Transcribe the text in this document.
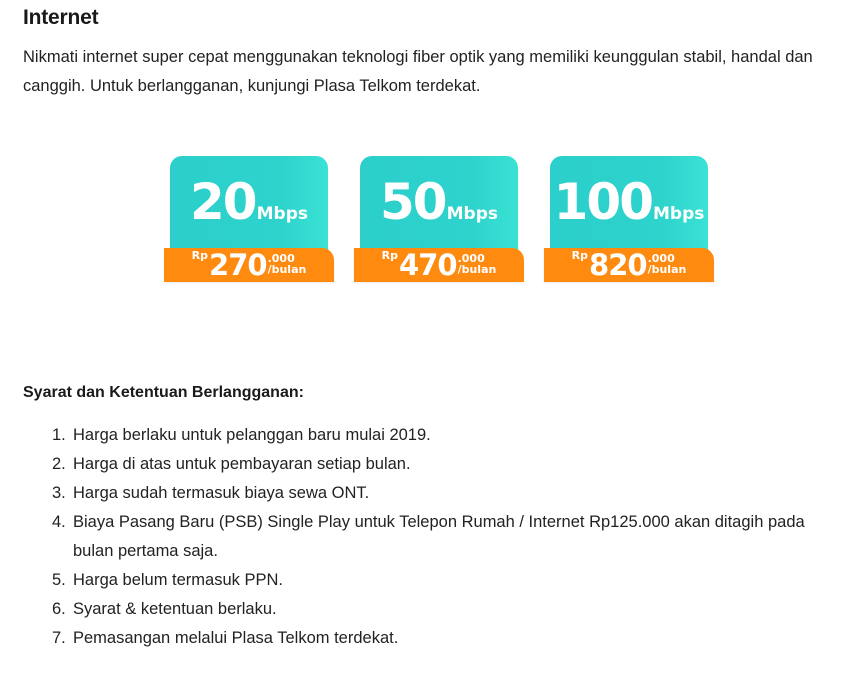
Internet

Nikmati internet super cepat menggunakan teknologi fiber optik yang memiliki keunggulan stabil, handal dan canggih. Untuk berlangganan, kunjungi Plasa Telkom terdekat.

20Mbps
$^{Rp}$270.000
/bulan
50Mbps
$^{Rp}$470.000
/bulan
100Mbps
$^{Rp}$820.000
/bulan
Syarat dan Ketentuan Berlangganan:
1. Harga berlaku untuk pelanggan baru mulai 2019.
2. Harga di atas untuk pembayaran setiap bulan.
3. Harga sudah termasuk biaya sewa ONT.
4. Biaya Pasang Baru (PSB) Single Play untuk Telepon Rumah / Internet Rp125.000 akan ditagih pada bulan pertama saja.
5. Harga belum termasuk PPN.
6. Syarat & ketentuan berlaku.
7. Pemasangan melalui Plasa Telkom terdekat.
